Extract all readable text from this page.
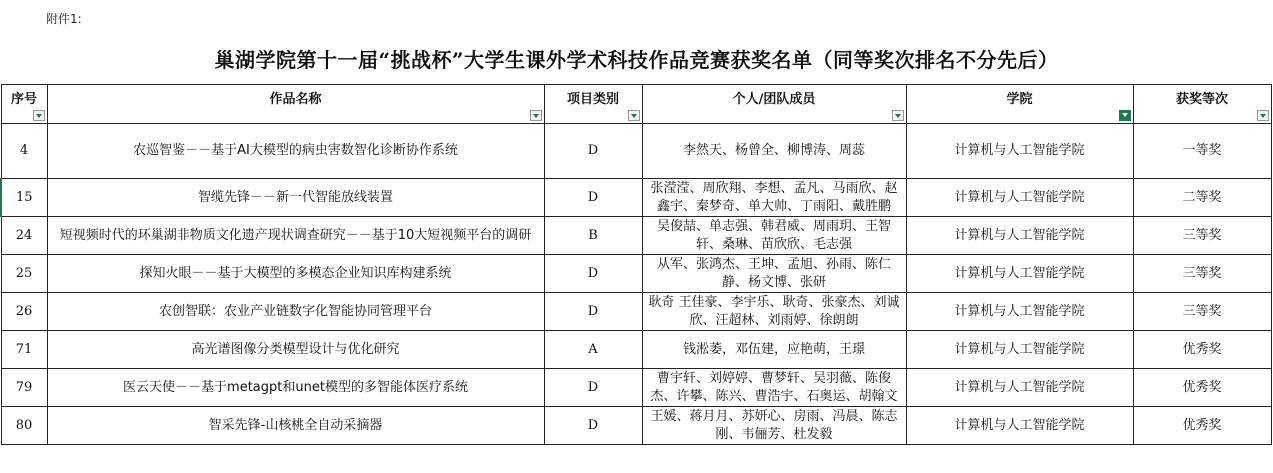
附件1:
巢湖学院第十一届“挑战杯”大学生课外学术科技作品竞赛获奖名单（同等奖次排名不分先后）
序号	作品名称	项目类别	个人/团队成员	学院	获奖等次

4	农巡智鉴－－基于AI大模型的病虫害数智化诊断协作系统	D	李然天、杨曾全、柳博涛、周蕊	计算机与人工智能学院	一等奖
15	智缆先锋－－新一代智能放线装置	D	张滢滢、周欣翔、李想、孟凡、马雨欣、赵鑫宇、秦梦奇、单大帅、丁雨阳、戴胜鹏	计算机与人工智能学院	二等奖
24	短视频时代的环巢湖非物质文化遗产现状调查研究－－基于10大短视频平台的调研	B	吴俊喆、单志强、韩君威、周雨玥、王智轩、桑琳、苗欣欣、毛志强	计算机与人工智能学院	三等奖
25	探知火眼－－基于大模型的多模态企业知识库构建系统	D	从军、张鸿杰、王坤、孟旭、孙雨、陈仁静、杨文博、张研	计算机与人工智能学院	三等奖
26	农创智联：农业产业链数字化智能协同管理平台	D	耿奇 王佳豪、李宇乐、耿奇、张豪杰、刘诚欣、汪超林、刘雨婷、徐朗朗	计算机与人工智能学院	三等奖
71	高光谱图像分类模型设计与优化研究	A	钱淞萎，邓伍建，应艳萌，王璟	计算机与人工智能学院	优秀奖
79	医云天使－－基于metagpt和unet模型的多智能体医疗系统	D	曹宇轩、刘婷婷、曹梦轩、吴羽薇、陈俊杰、许攀、陈兴、曹浩宇、石奥运、胡翰文	计算机与人工智能学院	优秀奖
80	智采先锋-山核桃全自动采摘器	D	王媛、蒋月月、苏妍心、房雨、冯晨、陈志刚、韦俪芳、杜发毅	计算机与人工智能学院	优秀奖
